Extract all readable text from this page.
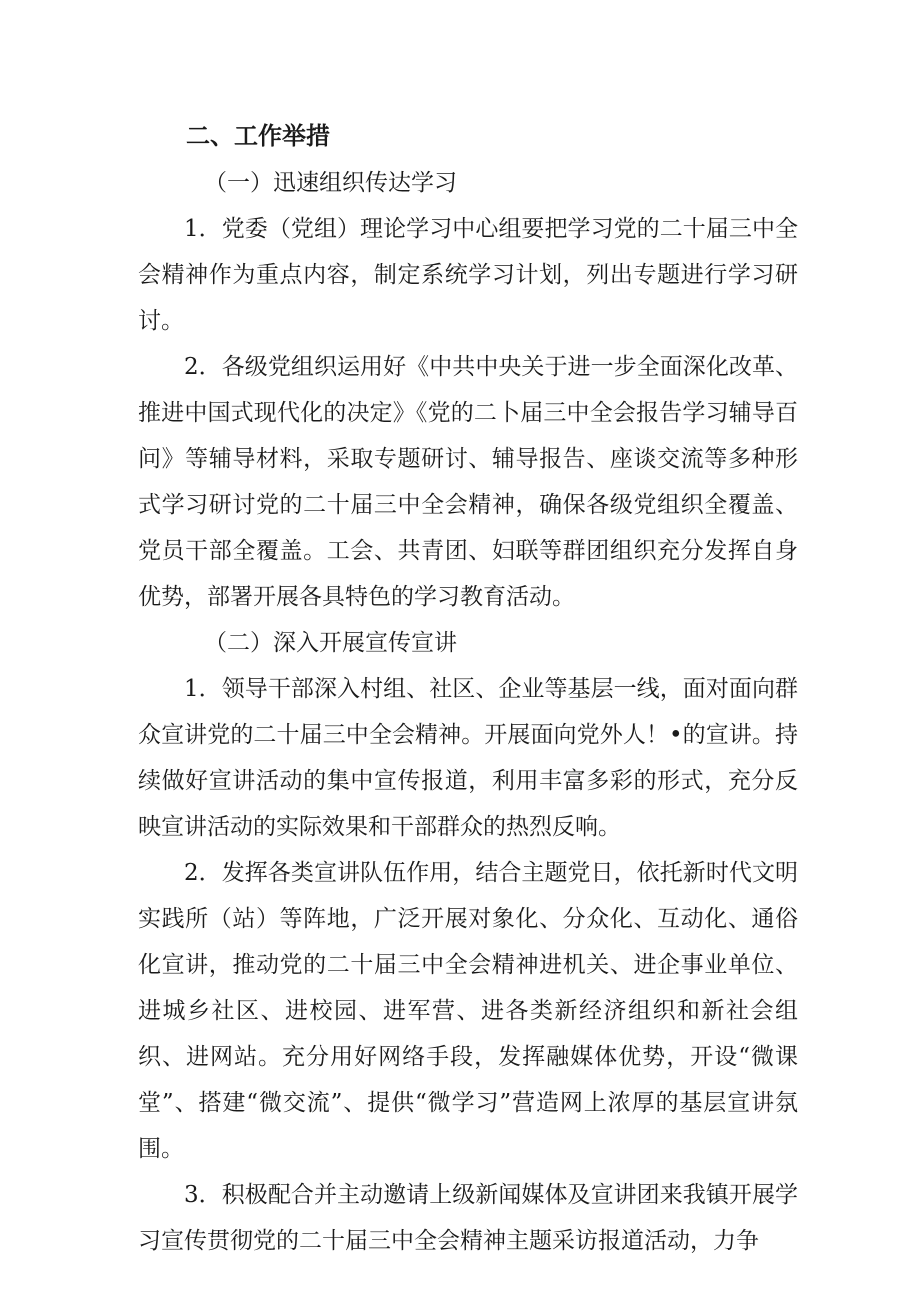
二、工作举措

（一）迅速组织传达学习

1．党委（党组）理论学习中心组要把学习党的二十届三中全会精神作为重点内容，制定系统学习计划，列出专题进行学习研讨。

2．各级党组织运用好《中共中央关于进一步全面深化改革、推进中国式现代化的决定》《党的二卜届三中全会报告学习辅导百问》等辅导材料，采取专题研讨、辅导报告、座谈交流等多种形式学习研讨党的二十届三中全会精神，确保各级党组织全覆盖、党员干部全覆盖。工会、共青团、妇联等群团组织充分发挥自身优势，部署开展各具特色的学习教育活动。

（二）深入开展宣传宣讲

1．领导干部深入村组、社区、企业等基层一线，面对面向群众宣讲党的二十届三中全会精神。开展面向党外人！•的宣讲。持续做好宣讲活动的集中宣传报道，利用丰富多彩的形式，充分反映宣讲活动的实际效果和干部群众的热烈反响。

2．发挥各类宣讲队伍作用，结合主题党日，依托新时代文明实践所（站）等阵地，广泛开展对象化、分众化、互动化、通俗化宣讲，推动党的二十届三中全会精神进机关、进企事业单位、进城乡社区、进校园、进军营、进各类新经济组织和新社会组织、进网站。充分用好网络手段，发挥融媒体优势，开设“微课堂”、搭建“微交流”、提供“微学习”营造网上浓厚的基层宣讲氛围。

3．积极配合并主动邀请上级新闻媒体及宣讲团来我镇开展学习宣传贯彻党的二十届三中全会精神主题采访报道活动，力争
